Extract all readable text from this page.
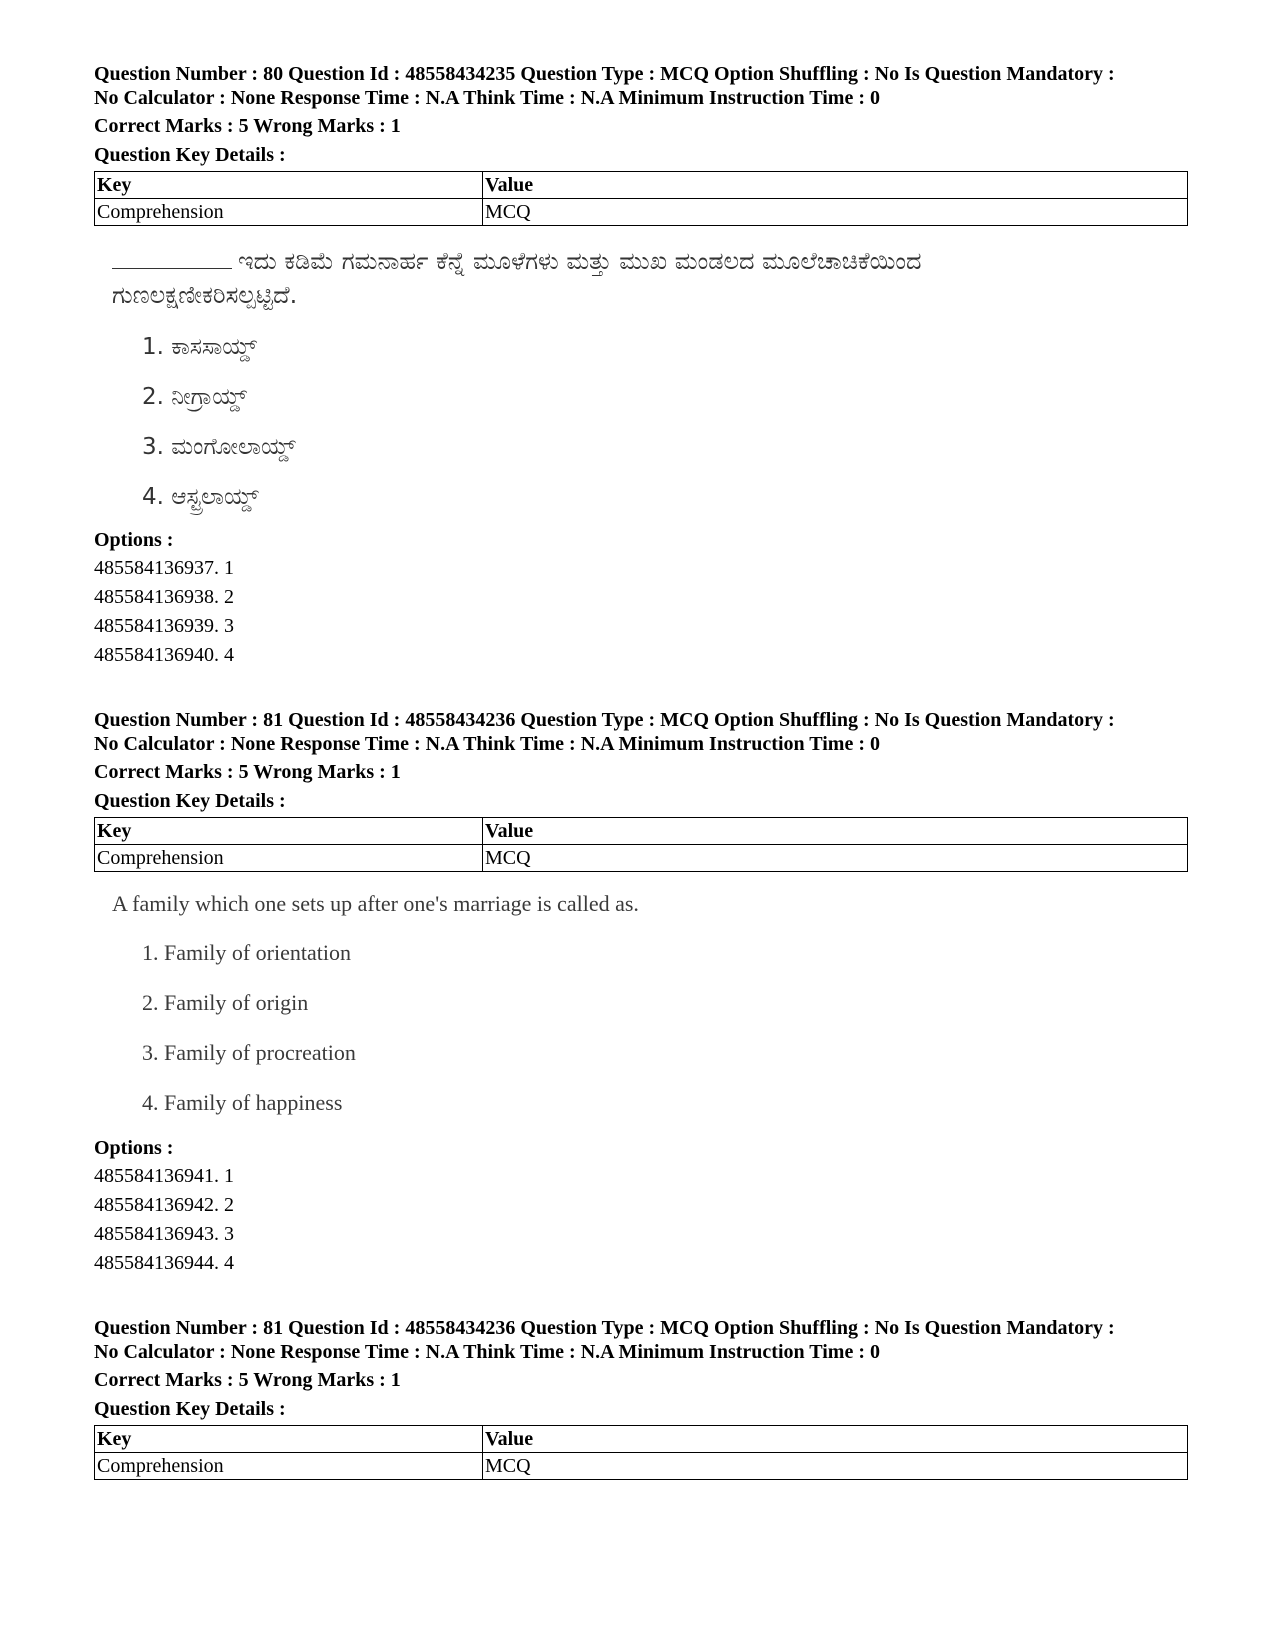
Question Number : 80 Question Id : 48558434235 Question Type : MCQ Option Shuffling : No Is Question Mandatory :
No Calculator : None Response Time : N.A Think Time : N.A Minimum Instruction Time : 0
Correct Marks : 5 Wrong Marks : 1
Question Key Details :
Key	Value
Comprehension	MCQ
ಇದು ಕಡಿಮೆ ಗಮನಾರ್ಹ ಕೆನ್ನೆ ಮೂಳೆಗಳು ಮತ್ತು ಮುಖ ಮಂಡಲದ ಮೂಲೆಚಾಚಿಕೆಯಿಂದ
ಗುಣಲಕ್ಷಣೀಕರಿಸಲ್ಪಟ್ಟಿದೆ.
1. ಕಾಸಸಾಯ್ಡ್
2. ನೀಗ್ರಾಯ್ಡ್
3. ಮಂಗೋಲಾಯ್ಡ್
4. ಆಸ್ಟ್ರಲಾಯ್ಡ್
Options :
485584136937. 1
485584136938. 2
485584136939. 3
485584136940. 4
Question Number : 81 Question Id : 48558434236 Question Type : MCQ Option Shuffling : No Is Question Mandatory :
No Calculator : None Response Time : N.A Think Time : N.A Minimum Instruction Time : 0
Correct Marks : 5 Wrong Marks : 1
Question Key Details :
Key	Value
Comprehension	MCQ
A family which one sets up after one's marriage is called as.
1. Family of orientation
2. Family of origin
3. Family of procreation
4. Family of happiness
Options :
485584136941. 1
485584136942. 2
485584136943. 3
485584136944. 4
Question Number : 81 Question Id : 48558434236 Question Type : MCQ Option Shuffling : No Is Question Mandatory :
No Calculator : None Response Time : N.A Think Time : N.A Minimum Instruction Time : 0
Correct Marks : 5 Wrong Marks : 1
Question Key Details :
Key	Value
Comprehension	MCQ
